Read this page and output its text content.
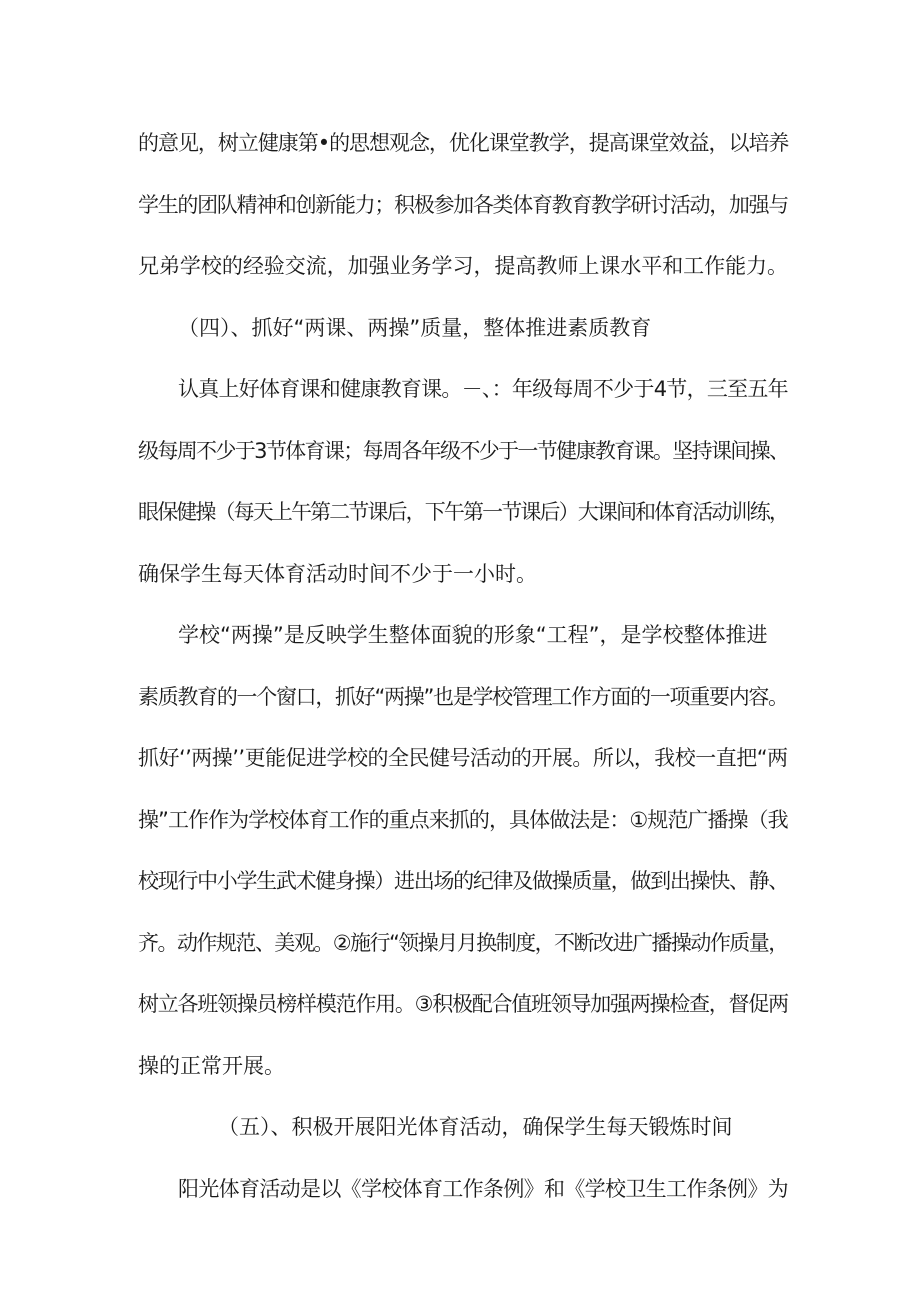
的意见，树立健康第•的思想观念，优化课堂教学，提高课堂效益，以培养
学生的团队精神和创新能力；积极参加各类体育教育教学研讨活动，加强与
兄弟学校的经验交流，加强业务学习，提高教师上课水平和工作能力。
（四）、抓好“两课、两操”质量，整体推进素质教育
认真上好体育课和健康教育课。－、：年级每周不少于4节，三至五年
级每周不少于3节体育课；每周各年级不少于一节健康教育课。坚持课间操、
眼保健操（每天上午第二节课后，下午第一节课后）大课间和体育活动训练，
确保学生每天体育活动时间不少于一小时。
学校“两操”是反映学生整体面貌的形象“工程”，是学校整体推进
素质教育的一个窗口，抓好“两操”也是学校管理工作方面的一项重要内容。
抓好‘’两操’’更能促进学校的全民健号活动的开展。所以，我校一直把“两
操”工作作为学校体育工作的重点来抓的，具体做法是：①规范广播操（我
校现行中小学生武术健身操）进出场的纪律及做操质量，做到出操快、静、
齐。动作规范、美观。②施行“领操月月换制度，不断改进广播操动作质量，
树立各班领操员榜样模范作用。③积极配合值班领导加强两操检查，督促两
操的正常开展。
（五）、积极开展阳光体育活动，确保学生每天锻炼时间
阳光体育活动是以《学校体育工作条例》和《学校卫生工作条例》为
